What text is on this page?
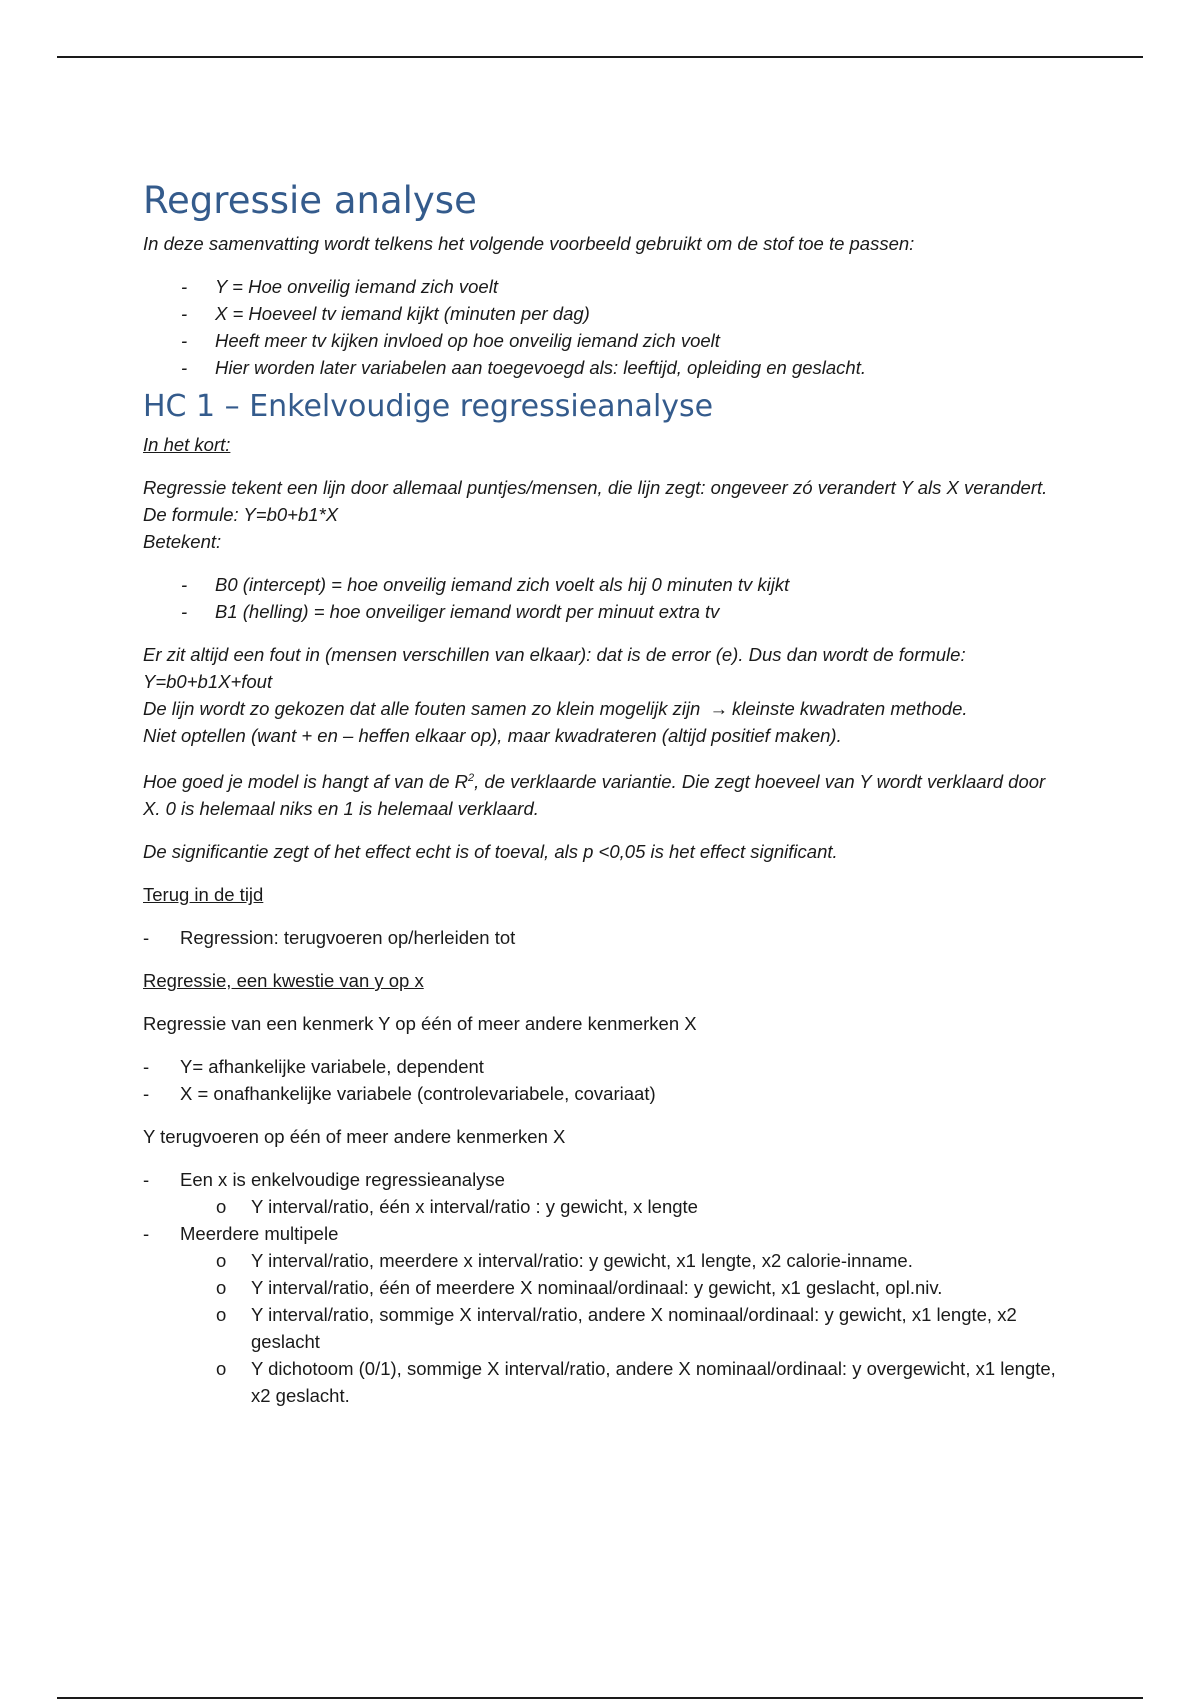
Regressie analyse

In deze samenvatting wordt telkens het volgende voorbeeld gebruikt om de stof toe te passen:

- Y = Hoe onveilig iemand zich voelt
- X = Hoeveel tv iemand kijkt (minuten per dag)
- Heeft meer tv kijken invloed op hoe onveilig iemand zich voelt
- Hier worden later variabelen aan toegevoegd als: leeftijd, opleiding en geslacht.
HC 1 – Enkelvoudige regressieanalyse

In het kort:

Regressie tekent een lijn door allemaal puntjes/mensen, die lijn zegt: ongeveer zó verandert Y als X verandert.

De formule: Y=b0+b1*X

Betekent:

- B0 (intercept) = hoe onveilig iemand zich voelt als hij 0 minuten tv kijkt
- B1 (helling) = hoe onveiliger iemand wordt per minuut extra tv

Er zit altijd een fout in (mensen verschillen van elkaar): dat is de error (e). Dus dan wordt de formule:

Y=b0+b1X+fout

De lijn wordt zo gekozen dat alle fouten samen zo klein mogelijk zijn → kleinste kwadraten methode.

Niet optellen (want + en – heffen elkaar op), maar kwadrateren (altijd positief maken).

Hoe goed je model is hangt af van de $R^2$, de verklaarde variantie. Die zegt hoeveel van Y wordt verklaard door X. 0 is helemaal niks en 1 is helemaal verklaard.

De significantie zegt of het effect echt is of toeval, als p <0,05 is het effect significant.

Terug in de tijd

- Regression: terugvoeren op/herleiden tot

Regressie, een kwestie van y op x

Regressie van een kenmerk Y op één of meer andere kenmerken X

- Y= afhankelijke variabele, dependent
- X = onafhankelijke variabele (controlevariabele, covariaat)

Y terugvoeren op één of meer andere kenmerken X

- Een x is enkelvoudige regressieanalyse
o Y interval/ratio, één x interval/ratio : y gewicht, x lengte
- Meerdere multipele
o Y interval/ratio, meerdere x interval/ratio: y gewicht, x1 lengte, x2 calorie-inname.
o Y interval/ratio, één of meerdere X nominaal/ordinaal: y gewicht, x1 geslacht, opl.niv.
o Y interval/ratio, sommige X interval/ratio, andere X nominaal/ordinaal: y gewicht, x1 lengte, x2 geslacht
o Y dichotoom (0/1), sommige X interval/ratio, andere X nominaal/ordinaal: y overgewicht, x1 lengte, x2 geslacht.
